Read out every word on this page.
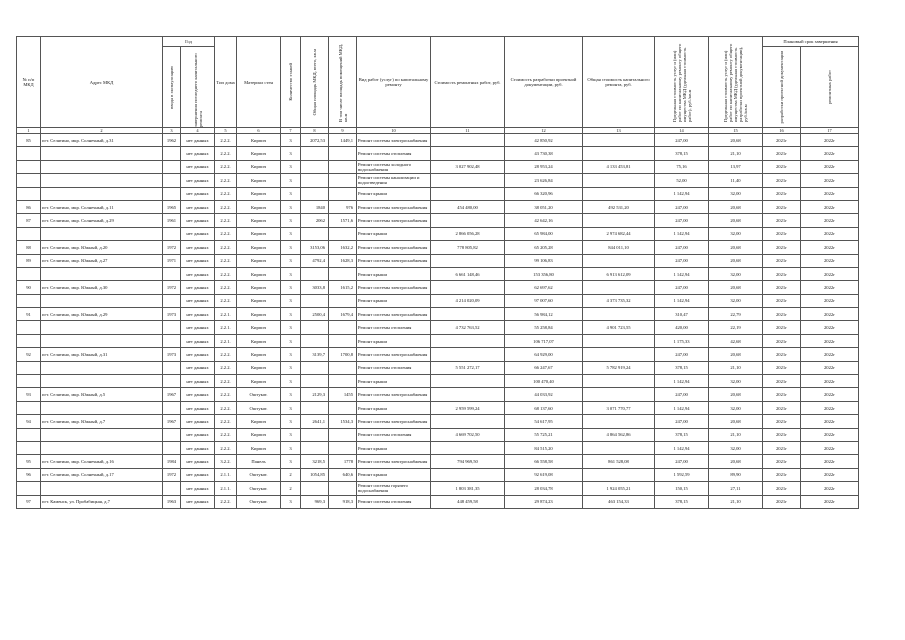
№ п/п МКД	Адрес МКД	Год		Тип дома	Материал стен	Количество этажей	Общая площадь МКД, всего, кв.м	В том числе площадь помещений МКД, кв.м	Вид работ (услуг) по капитальному ремонту	Стоимость ремонтных работ, руб.	Стоимость разработки проектной документации, руб.	Общая стоимость капитального ремонта, руб.	Предельная стоимость услуг и (или) работ по капитальному ремонту общего имущества МКД (удельная стоимость работ), руб./кв.м	Предельная стоимость услуг и (или) работ по капитальному ремонту общего имущества МКД (удельная стоимость разработки проектной документации), руб./кв.м	Плановый срок завершения	

		ввода в эксплуатацию	завершения последнего капитального ремонта												разработки проектной документации	ремонтных работ

1	2	3	4	5	6	7	8	9	10	11	12	13	14	15	16	17
85	пгт. Селятино, мкр. Солнечный, д.31	1962	нет данных	2.2.2.	Кирпич	3	2072,53	1449,1	Ремонт системы электроснабжения		42 850,92		247,00	20,68	2021г	2022г
			нет данных	2.2.2.	Кирпич	3			Ремонт системы отопления		43 730,38		378,15	21,10	2021г	2022г
			нет данных	2.2.2.	Кирпич	3			Ремонт системы холодного водоснабжения	3 027 902,48	28 953,24	4 133 453,81	75,16	13,97	2021г	2022г
			нет данных	2.2.2.	Кирпич	3			Ремонт системы канализации и водоотведения		23 626,84		52,00	11,40	2021г	2022г
			нет данных	2.2.2.	Кирпич	3			Ремонт крыши		66 320,96		1 142,94	32,00	2021г	2022г
86	пгт. Селятино, мкр. Солнечный, д.11	1965	нет данных	2.2.2.	Кирпич	3	1840	976	Ремонт системы электроснабжения	454 480,00	38 051,20	492 531,20	247,00	20,68	2021г	2022г
87	пгт. Селятино, мкр. Солнечный, д.29	1961	нет данных	2.2.2.	Кирпич	3	2062	1571,6	Ремонт системы электроснабжения		42 642,16		247,00	20,68	2021г	2022г
			нет данных	2.2.2.	Кирпич	3			Ремонт крыши	2 866 056,28	65 984,00	2 974 682,44	1 142,94	32,00	2021г	2022г
88	пгт. Селятино, мкр. Южный, д.20	1972	нет данных	2.2.2.	Кирпич	3	3153,06	1632,2	Ремонт системы электроснабжения	778 805,82	65 205,28	844 011,10	247,00	20,68	2021г	2022г
89	пгт. Селятино, мкр. Южный, д.27	1971	нет данных	2.2.2.	Кирпич	3	4792,4	1628,3	Ремонт системы электроснабжения		99 106,83		247,00	20,68	2021г	2022г
			нет данных	2.2.2.	Кирпич	3			Ремонт крыши	6 661 148,46	153 356,80	6 913 612,09	1 142,94	32,00	2021г	2022г
90	пгт. Селятино, мкр. Южный, д.30	1972	нет данных	2.2.2.	Кирпич	3	3033,8	1615,2	Ремонт системы электроснабжения		62 697,62		247,00	20,68	2021г	2022г
			нет данных	2.2.2.	Кирпич	3			Ремонт крыши	4 214 020,09	97 007,60	4 373 735,32	1 142,94	32,00	2021г	2022г
91	пгт. Селятино, мкр. Южный, д.29	1973	нет данных	2.2.1.	Кирпич	3	2500,4	1679,4	Ремонт системы электроснабжения		56 984,12		310,47	22,79	2021г	2022г
			нет данных	2.2.1.	Кирпич	3			Ремонт системы отопления	4 732 763,52	55 258,84	4 901 723,55	420,00	22,19	2021г	2022г
			нет данных	2.2.1.	Кирпич	3			Ремонт крыши		106 717,07		1 175,33	42,68	2021г	2022г
92	пгт. Селятино, мкр. Южный, д.31	1973	нет данных	2.2.2.	Кирпич	3	3139,7	1700,8	Ремонт системы электроснабжения		64 929,00		247,00	20,68	2021г	2022г
			нет данных	2.2.2.	Кирпич	3			Ремонт системы отопления	5 551 272,17	66 247,67	5 782 919,24	378,15	21,10	2021г	2022г
			нет данных	2.2.2.	Кирпич	3			Ремонт крыши		100 470,40		1 142,94	32,00	2021г	2022г
93	пгт. Селятино, мкр. Южный, д.5	1967	нет данных	2.2.2.	Оштукат.	3	2129,3	1455	Ремонт системы электроснабжения		44 033,92		247,00	20,68	2021г	2022г
			нет данных	2.2.2.	Оштукат.	3			Ремонт крыши	2 959 599,24	68 137,60	3 071 770,77	1 142,94	32,00	2021г	2022г
94	пгт. Селятино, мкр. Южный, д.7	1967	нет данных	2.2.2.	Кирпич	3	2641,1	1534,3	Ремонт системы электроснабжения		54 617,95		247,00	20,68	2021г	2022г
			нет данных	2.2.2.	Кирпич	3			Ремонт системы отопления	4 669 702,50	55 725,21	4 864 562,86	378,15	21,10	2021г	2022г
			нет данных	2.2.2.	Кирпич	3			Ремонт крыши		84 515,20		1 142,94	32,00	2021г	2022г
95	пгт. Селятино, мкр. Солнечный, д.16	1984	нет данных	3.2.2.	Панель	3	3218,5	1778	Ремонт системы электроснабжения	794 969,50	66 558,58	861 528,08	247,00	20,68	2021г	2022г
96	пгт. Селятино, мкр. Солнечный, д.17	1972	нет данных	2.1.1.	Оштукат.	2	1054,85	640,6	Ремонт крыши		92 619,08		1 592,59	89,90	2021г	2022г
			нет данных	2.1.1.	Оштукат.	2			Ремонт системы горячего водоснабжения	1 803 381,35	28 034,78	1 924 055,21	150,15	27,11	2021г	2022г
97	пгт. Каменск, ул. Пробабицкая, д.7	1963	нет данных	2.2.2.	Оштукат.	3	969,3	918,3	Ремонт системы отопления	448 459,58	29 874,23	463 154,33	378,15	21,10	2021г	2022г
